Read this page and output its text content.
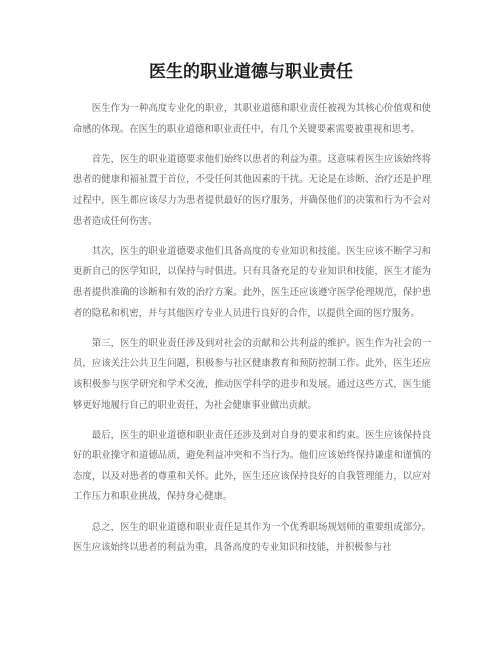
医生的职业道德与职业责任

医生作为一种高度专业化的职业，其职业道德和职业责任被视为其核心价值观和使命感的体现。在医生的职业道德和职业责任中，有几个关键要素需要被重视和思考。

首先，医生的职业道德要求他们始终以患者的利益为重。这意味着医生应该始终将患者的健康和福祉置于首位，不受任何其他因素的干扰。无论是在诊断、治疗还是护理过程中，医生都应该尽力为患者提供最好的医疗服务，并确保他们的决策和行为不会对患者造成任何伤害。

其次，医生的职业道德要求他们具备高度的专业知识和技能。医生应该不断学习和更新自己的医学知识，以保持与时俱进。只有具备充足的专业知识和技能，医生才能为患者提供准确的诊断和有效的治疗方案。此外，医生还应该遵守医学伦理规范，保护患者的隐私和机密，并与其他医疗专业人员进行良好的合作，以提供全面的医疗服务。

第三，医生的职业责任涉及到对社会的贡献和公共利益的维护。医生作为社会的一员，应该关注公共卫生问题，积极参与社区健康教育和预防控制工作。此外，医生还应该积极参与医学研究和学术交流，推动医学科学的进步和发展。通过这些方式，医生能够更好地履行自己的职业责任，为社会健康事业做出贡献。

最后，医生的职业道德和职业责任还涉及到对自身的要求和约束。医生应该保持良好的职业操守和道德品质，避免利益冲突和不当行为。他们应该始终保持谦虚和谨慎的态度，以及对患者的尊重和关怀。此外，医生还应该保持良好的自我管理能力，以应对工作压力和职业挑战，保持身心健康。

总之，医生的职业道德和职业责任是其作为一个优秀职场规划师的重要组成部分。医生应该始终以患者的利益为重，具备高度的专业知识和技能，并积极参与社
